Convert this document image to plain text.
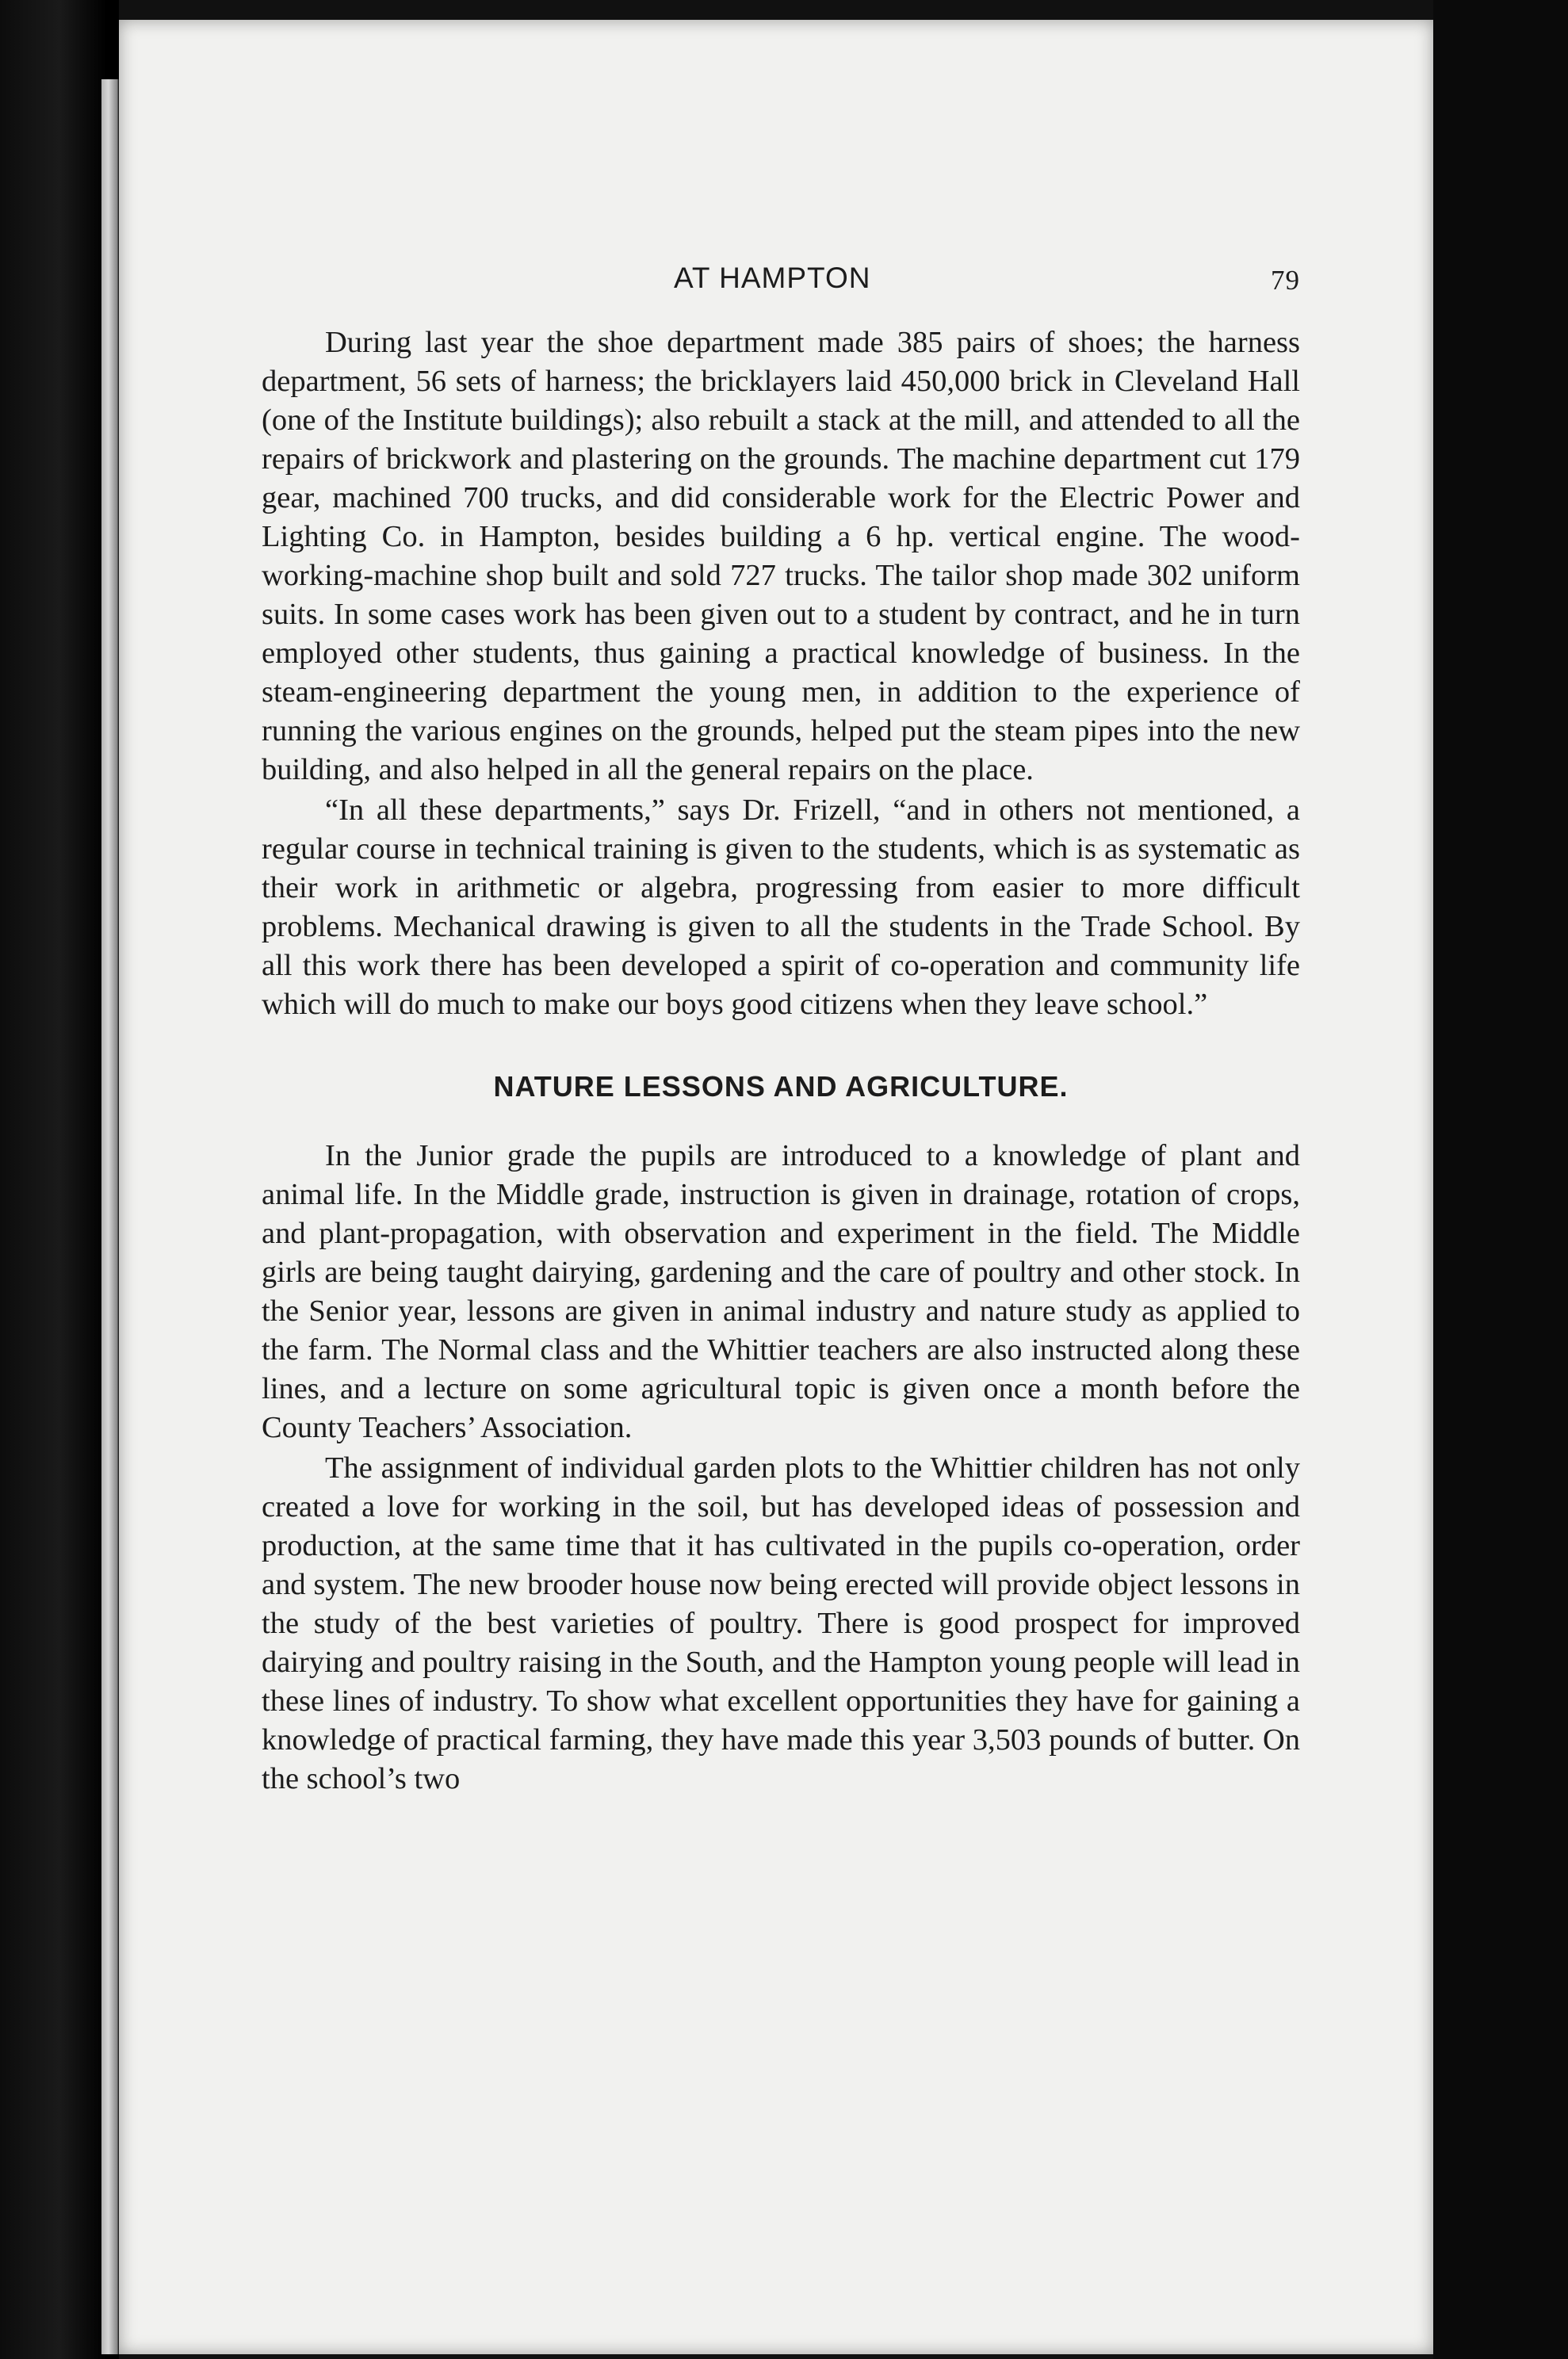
AT HAMPTON	79

During last year the shoe department made 385 pairs of shoes; the harness department, 56 sets of harness; the bricklayers laid 450,000 brick in Cleveland Hall (one of the Institute buildings); also rebuilt a stack at the mill, and attended to all the repairs of brickwork and plastering on the grounds. The machine department cut 179 gear, machined 700 trucks, and did considerable work for the Electric Power and Lighting Co. in Hampton, besides building a 6 hp. vertical engine. The wood-working-machine shop built and sold 727 trucks. The tailor shop made 302 uniform suits. In some cases work has been given out to a student by contract, and he in turn employed other students, thus gaining a practical knowledge of business. In the steam-engineering department the young men, in addition to the experience of running the various engines on the grounds, helped put the steam pipes into the new building, and also helped in all the general repairs on the place.

“In all these departments,” says Dr. Frizell, “and in others not mentioned, a regular course in technical training is given to the students, which is as systematic as their work in arithmetic or algebra, progressing from easier to more difficult problems. Mechanical drawing is given to all the students in the Trade School. By all this work there has been developed a spirit of co-operation and community life which will do much to make our boys good citizens when they leave school.”

NATURE LESSONS AND AGRICULTURE.

In the Junior grade the pupils are introduced to a knowledge of plant and animal life. In the Middle grade, instruction is given in drainage, rotation of crops, and plant-propagation, with observation and experiment in the field. The Middle girls are being taught dairying, gardening and the care of poultry and other stock. In the Senior year, lessons are given in animal industry and nature study as applied to the farm. The Normal class and the Whittier teachers are also instructed along these lines, and a lecture on some agricultural topic is given once a month before the County Teachers’ Association.

The assignment of individual garden plots to the Whittier children has not only created a love for working in the soil, but has developed ideas of possession and production, at the same time that it has cultivated in the pupils co-operation, order and system. The new brooder house now being erected will provide object lessons in the study of the best varieties of poultry. There is good prospect for improved dairying and poultry raising in the South, and the Hampton young people will lead in these lines of industry. To show what excellent opportunities they have for gaining a knowledge of practical farming, they have made this year 3,503 pounds of butter. On the school’s two
